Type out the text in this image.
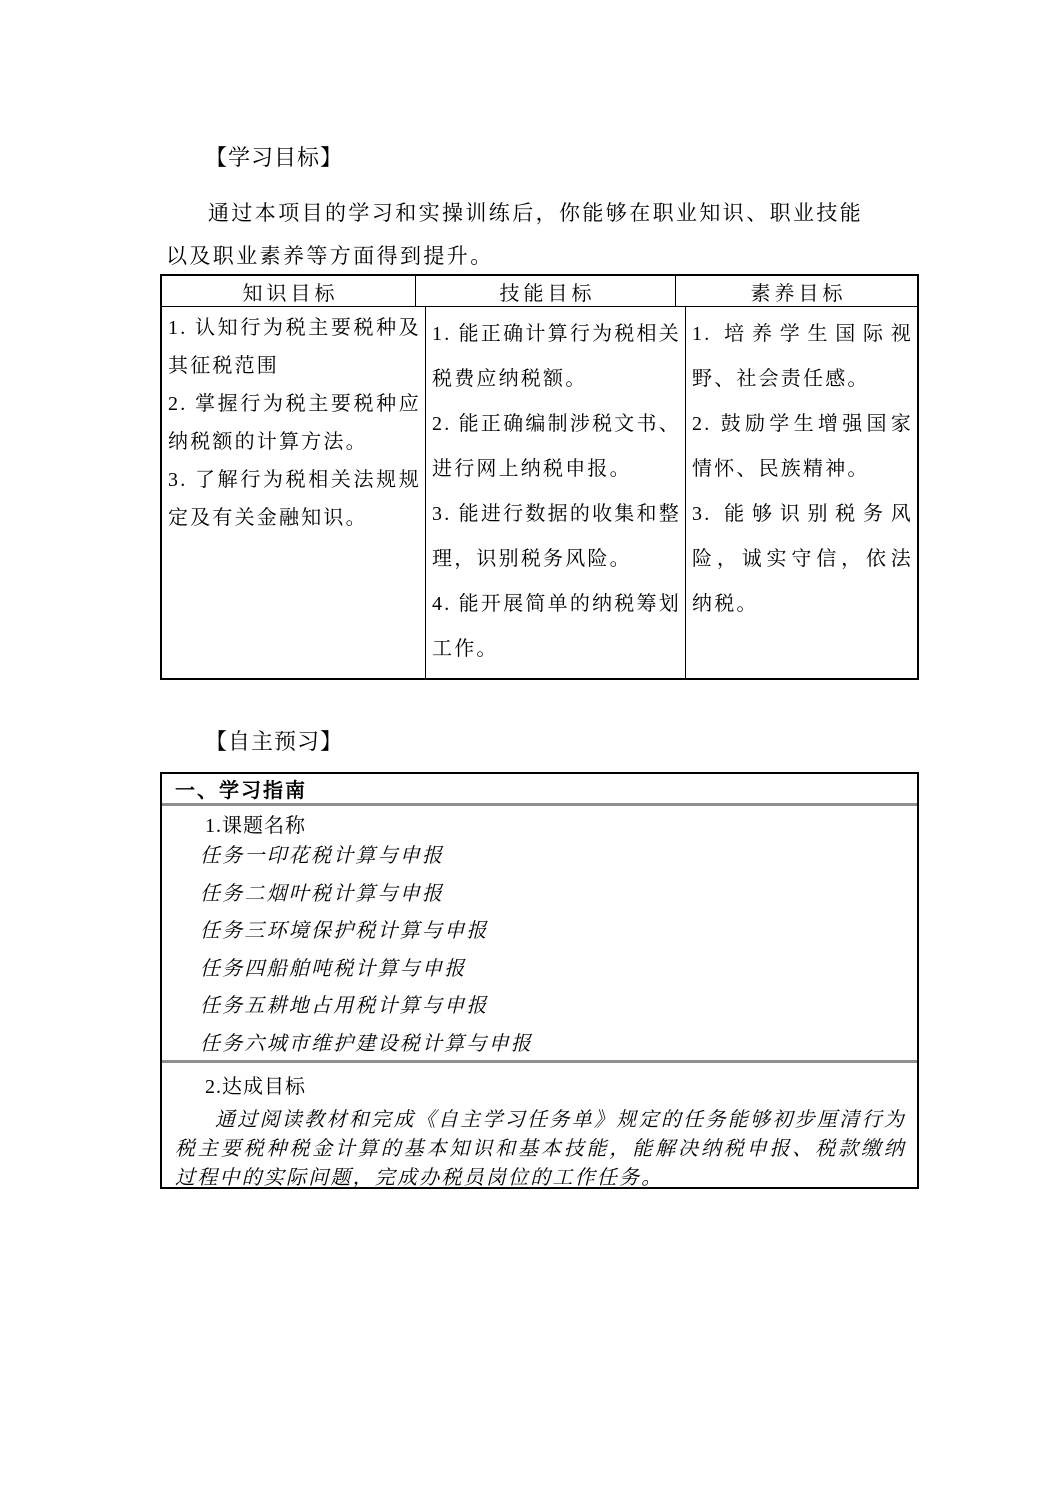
【学习目标】
通过本项目的学习和实操训练后，你能够在职业知识、职业技能
以及职业素养等方面得到提升。
知识目标	技能目标	素养目标

1. 认知行为税主要税种及其征税范围

2. 掌握行为税主要税种应纳税额的计算方法。

3. 了解行为税相关法规规定及有关金融知识。

1. 能正确计算行为税相关税费应纳税额。

2. 能正确编制涉税文书、进行网上纳税申报。

3. 能进行数据的收集和整理，识别税务风险。

4. 能开展简单的纳税筹划工作。

1. 培养学生国际视野、社会责任感。

2. 鼓励学生增强国家情怀、民族精神。

3. 能够识别税务风险，诚实守信，依法纳税。

【自主预习】
一、学习指南
1.课题名称
任务一印花税计算与申报
任务二烟叶税计算与申报
任务三环境保护税计算与申报
任务四船舶吨税计算与申报
任务五耕地占用税计算与申报
任务六城市维护建设税计算与申报
2.达成目标
通过阅读教材和完成《自主学习任务单》规定的任务能够初步厘清行为税主要税种税金计算的基本知识和基本技能，能解决纳税申报、税款缴纳过程中的实际问题，完成办税员岗位的工作任务。
